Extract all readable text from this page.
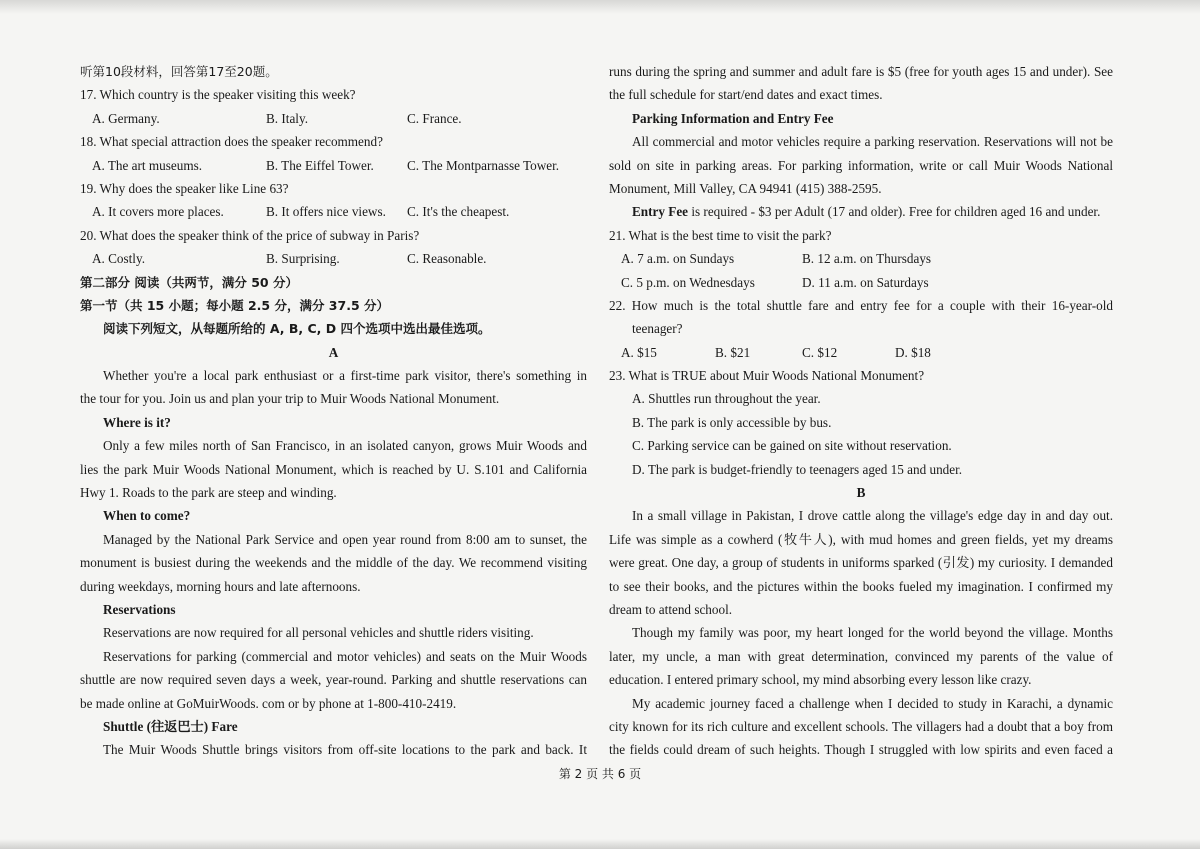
听第10段材料，回答第17至20题。
17. Which country is the speaker visiting this week?
A. Germany.	B. Italy.	C. France.
18. What special attraction does the speaker recommend?
A. The art museums.	B. The Eiffel Tower.	C. The Montparnasse Tower.
19. Why does the speaker like Line 63?
A. It covers more places.	B. It offers nice views.	C. It's the cheapest.
20. What does the speaker think of the price of subway in Paris?
A. Costly.	B. Surprising.	C. Reasonable.
第二部分 阅读（共两节，满分 50 分）
第一节（共 15 小题；每小题 2.5 分，满分 37.5 分）
阅读下列短文，从每题所给的 A, B, C, D 四个选项中选出最佳选项。
A
Whether you're a local park enthusiast or a first-time park visitor, there's something in
the tour for you. Join us and plan your trip to Muir Woods National Monument.
Where is it?
Only a few miles north of San Francisco, in an isolated canyon, grows Muir Woods and
lies the park Muir Woods National Monument, which is reached by U. S.101 and California
Hwy 1. Roads to the park are steep and winding.
When to come?
Managed by the National Park Service and open year round from 8:00 am to sunset, the
monument is busiest during the weekends and the middle of the day. We recommend visiting
during weekdays, morning hours and late afternoons.
Reservations
Reservations are now required for all personal vehicles and shuttle riders visiting.
Reservations for parking (commercial and motor vehicles) and seats on the Muir Woods
shuttle are now required seven days a week, year-round. Parking and shuttle reservations can
be made online at GoMuirWoods. com or by phone at 1-800-410-2419.
Shuttle (往返巴士) Fare
The Muir Woods Shuttle brings visitors from off-site locations to the park and back. It
runs during the spring and summer and adult fare is $5 (free for youth ages 15 and under). See
the full schedule for start/end dates and exact times.
Parking Information and Entry Fee
All commercial and motor vehicles require a parking reservation. Reservations will not be
sold on site in parking areas. For parking information, write or call Muir Woods National
Monument, Mill Valley, CA 94941 (415) 388-2595.
Entry Fee is required - $3 per Adult (17 and older). Free for children aged 16 and under.
21. What is the best time to visit the park?
A. 7 a.m. on Sundays	B. 12 a.m. on Thursdays
C. 5 p.m. on Wednesdays	D. 11 a.m. on Saturdays
22. How much is the total shuttle fare and entry fee for a couple with their 16-year-old
teenager?
A. $15	B. $21	C. $12	D. $18
23. What is TRUE about Muir Woods National Monument?
A. Shuttles run throughout the year.
B. The park is only accessible by bus.
C. Parking service can be gained on site without reservation.
D. The park is budget-friendly to teenagers aged 15 and under.
B
In a small village in Pakistan, I drove cattle along the village's edge day in and day out.
Life was simple as a cowherd (牧牛人), with mud homes and green fields, yet my dreams
were great. One day, a group of students in uniforms sparked (引发) my curiosity. I demanded
to see their books, and the pictures within the books fueled my imagination. I confirmed my
dream to attend school.
Though my family was poor, my heart longed for the world beyond the village. Months
later, my uncle, a man with great determination, convinced my parents of the value of
education. I entered primary school, my mind absorbing every lesson like crazy.
My academic journey faced a challenge when I decided to study in Karachi, a dynamic
city known for its rich culture and excellent schools. The villagers had a doubt that a boy from
the fields could dream of such heights. Though I struggled with low spirits and even faced a
第 2 页 共 6 页
